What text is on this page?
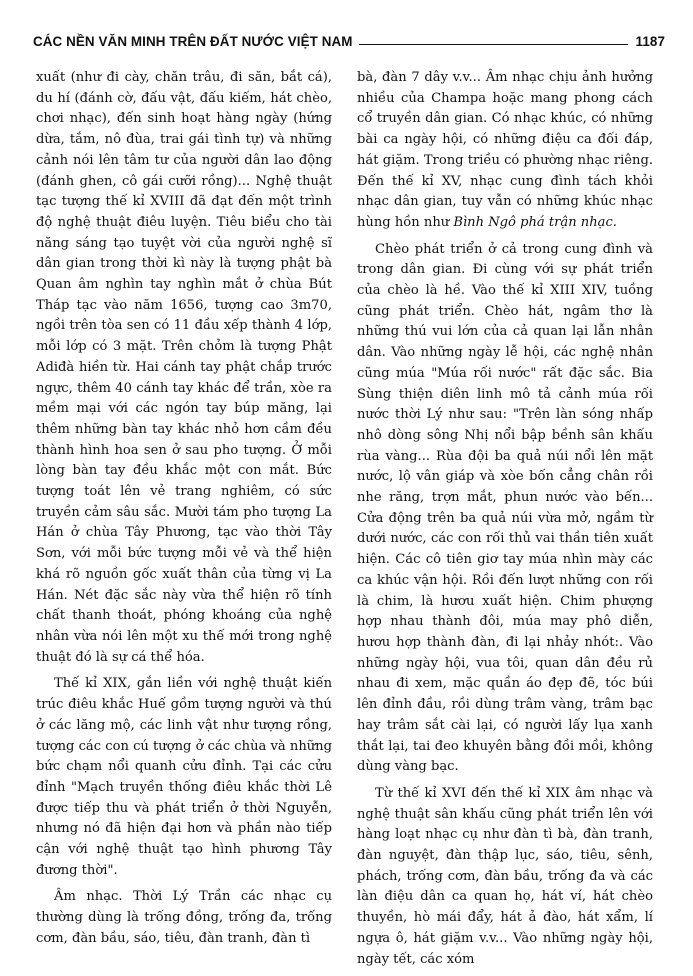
CÁC NỀN VĂN MINH TRÊN ĐẤT NƯỚC VIỆT NAM	1187

xuất (như đi cày, chăn trâu, đi săn, bắt cá), du hí (đánh cờ, đấu vật, đấu kiếm, hát chèo, chơi nhạc), đến sinh hoạt hàng ngày (hứng dừa, tắm, nô đùa, trai gái tình tự) và những cảnh nói lên tâm tư của người dân lao động (đánh ghen, cô gái cưỡi rồng)... Nghệ thuật tạc tượng thế kỉ XVIII đã đạt đến một trình độ nghệ thuật điêu luyện. Tiêu biểu cho tài năng sáng tạo tuyệt vời của người nghệ sĩ dân gian trong thời kì này là tượng phật bà Quan âm nghìn tay nghìn mắt ở chùa Bút Tháp tạc vào năm 1656, tượng cao 3m70, ngồi trên tòa sen có 11 đầu xếp thành 4 lớp, mỗi lớp có 3 mặt. Trên chỏm là tượng Phật Adiđà hiền từ. Hai cánh tay phật chắp trước ngực, thêm 40 cánh tay khác để trần, xòe ra mềm mại với các ngón tay búp măng, lại thêm những bàn tay khác nhỏ hơn cầm đều thành hình hoa sen ở sau pho tượng. Ở mỗi lòng bàn tay đều khắc một con mắt. Bức tượng toát lên vẻ trang nghiêm, có sức truyền cảm sâu sắc. Mười tám pho tượng La Hán ở chùa Tây Phương, tạc vào thời Tây Sơn, với mỗi bức tượng mỗi vẻ và thể hiện khá rõ nguồn gốc xuất thân của từng vị La Hán. Nét đặc sắc này vừa thể hiện rõ tính chất thanh thoát, phóng khoáng của nghệ nhân vừa nói lên một xu thế mới trong nghệ thuật đó là sự cá thể hóa.

Thế kỉ XIX, gắn liền với nghệ thuật kiến trúc điêu khắc Huế gồm tượng người và thú ở các lăng mộ, các linh vật như tượng rồng, tượng các con cú tượng ở các chùa và những bức chạm nổi quanh cửu đỉnh. Tại các cửu đỉnh "Mạch truyền thống điêu khắc thời Lê được tiếp thu và phát triển ở thời Nguyễn, nhưng nó đã hiện đại hơn và phần nào tiếp cận với nghệ thuật tạo hình phương Tây đương thời".

Âm nhạc. Thời Lý Trần các nhạc cụ thường dùng là trống đồng, trống đa, trống cơm, đàn bầu, sáo, tiêu, đàn tranh, đàn tì

bà, đàn 7 dây v.v... Âm nhạc chịu ảnh hưởng nhiều của Champa hoặc mang phong cách cổ truyền dân gian. Có nhạc khúc, có những bài ca ngày hội, có những điệu ca đối đáp, hát giặm. Trong triều có phường nhạc riêng. Đến thế kỉ XV, nhạc cung đình tách khỏi nhạc dân gian, tuy vẫn có những khúc nhạc hùng hồn như Bình Ngô phá trận nhạc.

Chèo phát triển ở cả trong cung đình và trong dân gian. Đi cùng với sự phát triển của chèo là hề. Vào thế kỉ XIII XIV, tuồng cũng phát triển. Chèo hát, ngâm thơ là những thú vui lớn của cả quan lại lẫn nhân dân. Vào những ngày lễ hội, các nghệ nhân cũng múa "Múa rối nước" rất đặc sắc. Bia Sùng thiện diên linh mô tả cảnh múa rối nước thời Lý như sau: "Trên làn sóng nhấp nhô dòng sông Nhị nổi bập bềnh sân khấu rùa vàng... Rùa đội ba quả núi nổi lên mặt nước, lộ vân giáp và xòe bốn cẳng chân rồi nhe răng, trợn mắt, phun nước vào bến... Cửa động trên ba quả núi vừa mở, ngầm từ dưới nước, các con rối thủ vai thần tiên xuất hiện. Các cô tiên giơ tay múa nhìn mày các ca khúc vận hội. Rồi đến lượt những con rối là chim, là hươu xuất hiện. Chim phượng hợp nhau thành đôi, múa may phô diễn, hươu hợp thành đàn, đi lại nhảy nhót:. Vào những ngày hội, vua tôi, quan dân đều rủ nhau đi xem, mặc quần áo đẹp đẽ, tóc búi lên đỉnh đầu, rồi dùng trâm vàng, trâm bạc hay trâm sắt cài lại, có người lấy lụa xanh thắt lại, tai đeo khuyên bằng đồi mồi, không dùng vàng bạc.

Từ thế kỉ XVI đến thế kỉ XIX âm nhạc và nghệ thuật sân khấu cũng phát triển lên với hàng loạt nhạc cụ như đàn tì bà, đàn tranh, đàn nguyệt, đàn thập lục, sáo, tiêu, sênh, phách, trống cơm, đàn bầu, trống đa và các làn điệu dân ca quan họ, hát ví, hát chèo thuyền, hò mái đẩy, hát ả đào, hát xẩm, lí ngựa ô, hát giặm v.v... Vào những ngày hội, ngày tết, các xóm
